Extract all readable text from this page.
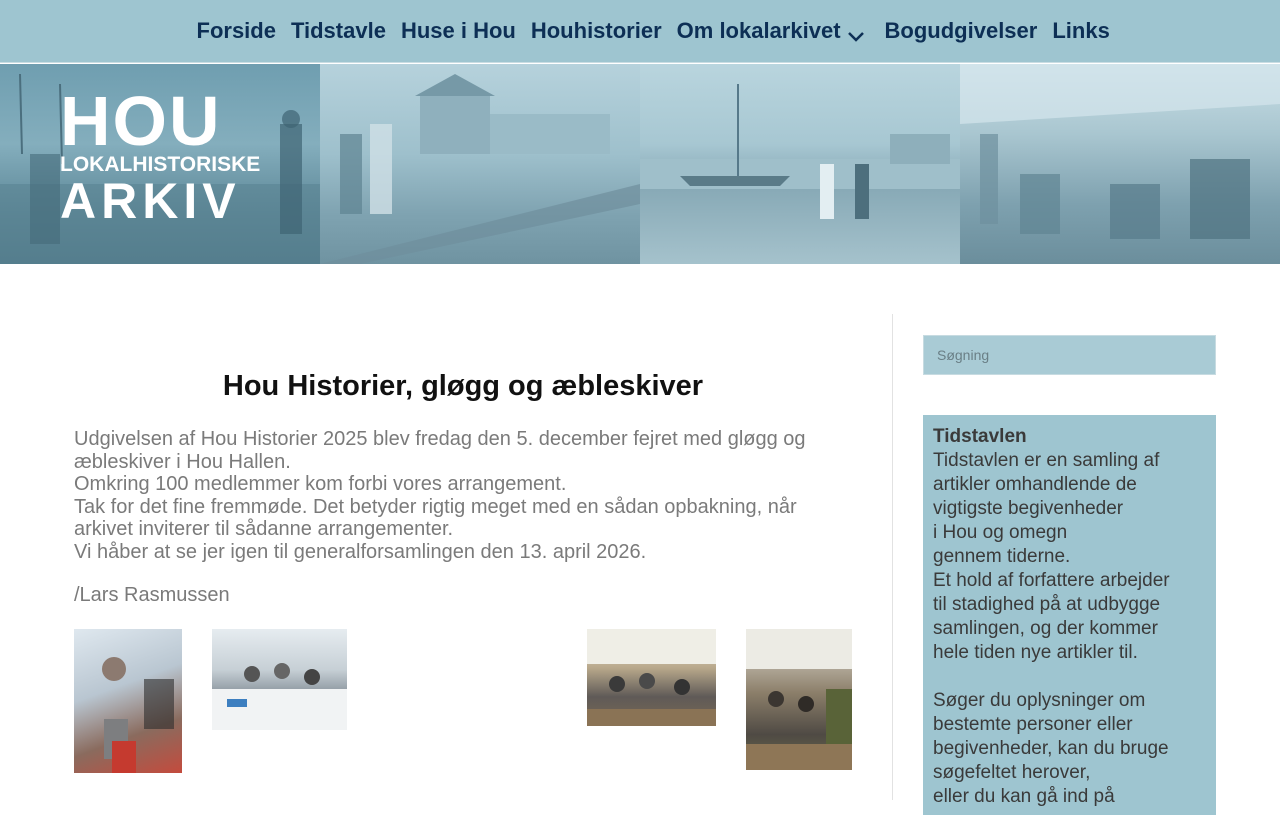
Forside Tidstavle Huse i Hou Houhistorier Om lokalarkivet	Bogudgivelser Links
HOU
LOKALHISTORISKE
ARKIV
Hou Historier, gløgg og æbleskiver

Udgivelsen af Hou Historier 2025 blev fredag den 5. december fejret med gløgg og æbleskiver i Hou Hallen.

Omkring 100 medlemmer kom forbi vores arrangement.

Tak for det fine fremmøde. Det betyder rigtig meget med en sådan opbakning, når arkivet inviterer til sådanne arrangementer.

Vi håber at se jer igen til generalforsamlingen den 13. april 2026.

/Lars Rasmussen

Søgning
Tidstavlen
Tidstavlen er en samling af
artikler omhandlende de
vigtigste begivenheder
i Hou og omegn
gennem tiderne.
Et hold af forfattere arbejder
til stadighed på at udbygge
samlingen, og der kommer
hele tiden nye artikler til.
Søger du oplysninger om
bestemte personer eller
begivenheder, kan du bruge
søgefeltet herover,
eller du kan gå ind på
